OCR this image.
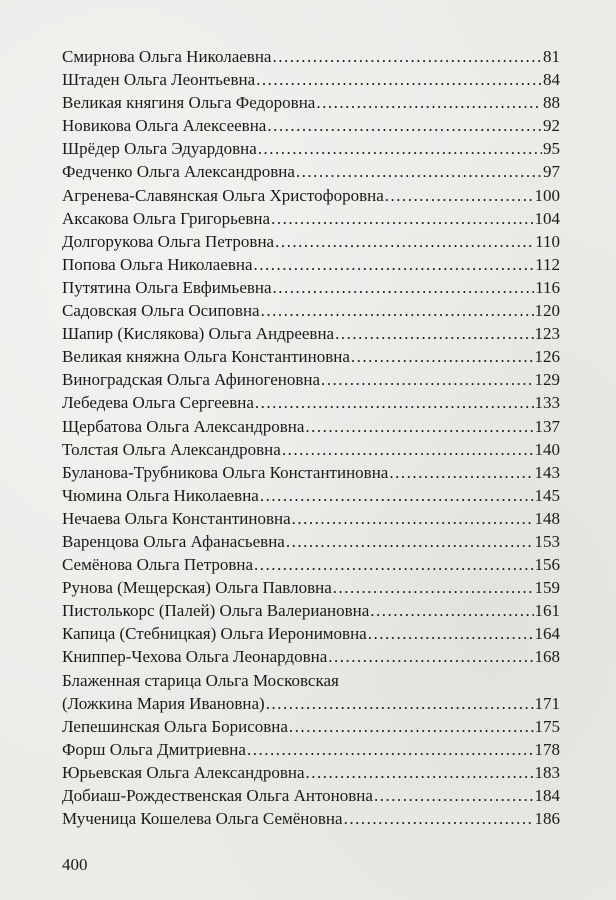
Смирнова Ольга Николаевна .....	81
Штаден Ольга Леонтьевна .....	84
Великая княгиня Ольга Федоровна .....	88
Новикова Ольга Алексеевна .....	92
Шрёдер Ольга Эдуардовна .....	95
Федченко Ольга Александровна .....	97
Агренева-Славянская Ольга Христофоровна .....	100
Аксакова Ольга Григорьевна .....	104
Долгорукова Ольга Петровна .....	110
Попова Ольга Николаевна .....	112
Путятина Ольга Евфимьевна .....	116
Садовская Ольга Осиповна .....	120
Шапир (Кислякова) Ольга Андреевна .....	123
Великая княжна Ольга Константиновна .....	126
Виноградская Ольга Афиногеновна .....	129
Лебедева Ольга Сергеевна .....	133
Щербатова Ольга Александровна .....	137
Толстая Ольга Александровна .....	140
Буланова-Трубникова Ольга Константиновна .....	143
Чюмина Ольга Николаевна .....	145
Нечаева Ольга Константиновна .....	148
Варенцова Ольга Афанасьевна .....	153
Семёнова Ольга Петровна .....	156
Рунова (Мещерская) Ольга Павловна .....	159
Пистолькорс (Палей) Ольга Валериановна .....	161
Капица (Стебницкая) Ольга Иеронимовна .....	164
Книппер-Чехова Ольга Леонардовна .....	168
Блаженная старица Ольга Московская
(Ложкина Мария Ивановна) .....	171
Лепешинская Ольга Борисовна .....	175
Форш Ольга Дмитриевна .....	178
Юрьевская Ольга Александровна .....	183
Добиаш-Рождественская Ольга Антоновна .....	184
Мученица Кошелева Ольга Семёновна .....	186
400
